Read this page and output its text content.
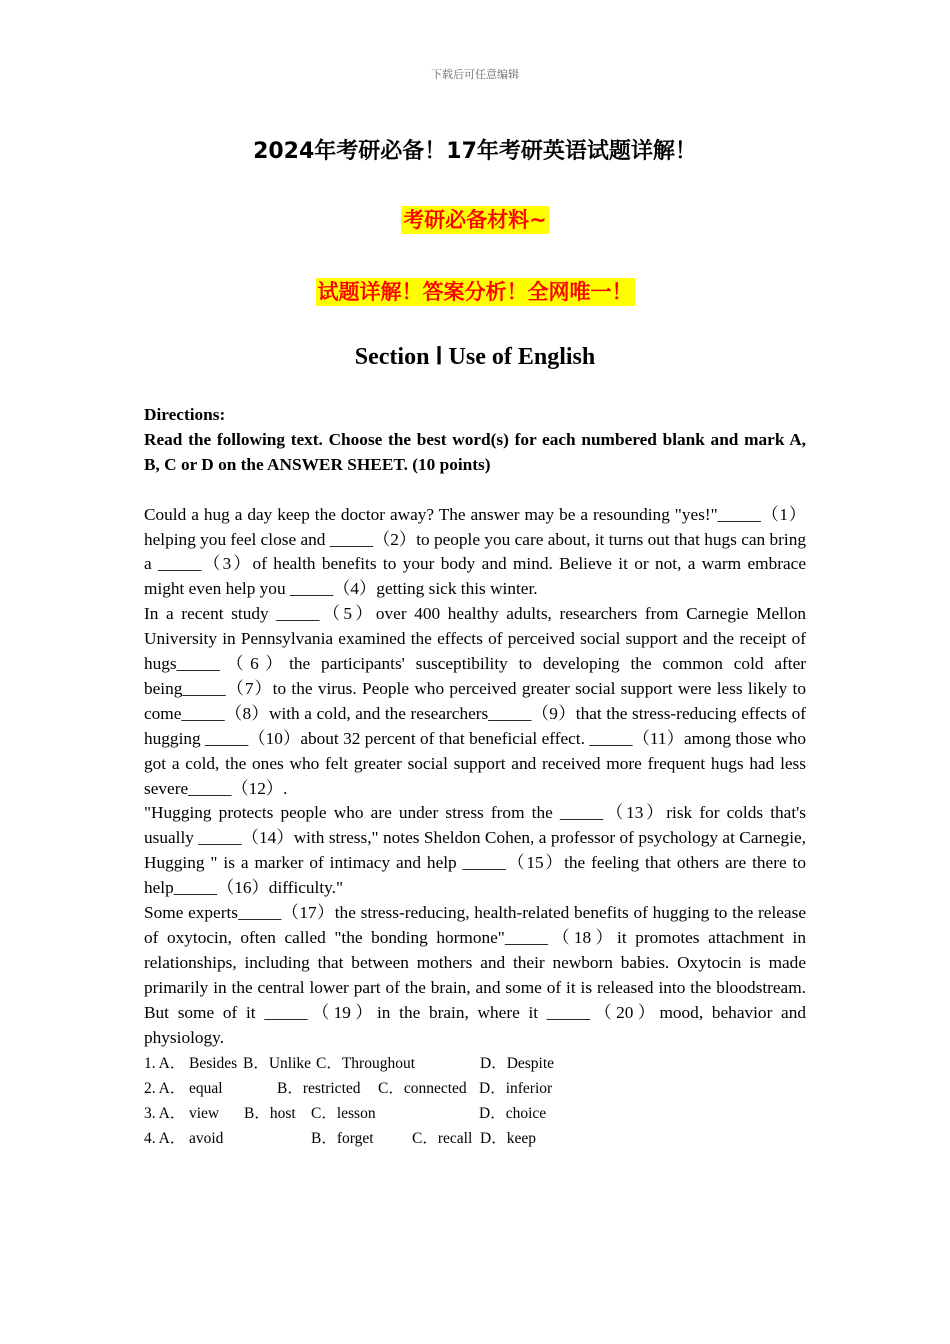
下载后可任意编辑
2024年考研必备！17年考研英语试题详解！
考研必备材料~
试题详解！答案分析！全网唯一！
Section Ⅰ Use of English
Directions:
Read the following text. Choose the best word(s) for each numbered blank and mark A, B, C or D on the ANSWER SHEET. (10 points)
Could a hug a day keep the doctor away? The answer may be a resounding "yes!"_____（1）helping you feel close and _____（2）to people you care about, it turns out that hugs can bring a _____（3）of health benefits to your body and mind. Believe it or not, a warm embrace might even help you _____（4）getting sick this winter.
In a recent study _____（5）over 400 healthy adults, researchers from Carnegie Mellon University in Pennsylvania examined the effects of perceived social support and the receipt of hugs_____（6）the participants' susceptibility to developing the common cold after being_____（7）to the virus. People who perceived greater social support were less likely to come_____（8）with a cold, and the researchers_____（9）that the stress-reducing effects of hugging _____（10）about 32 percent of that beneficial effect. _____（11）among those who got a cold, the ones who felt greater social support and received more frequent hugs had less severe_____（12）.
"Hugging protects people who are under stress from the _____（13）risk for colds that's usually _____（14）with stress," notes Sheldon Cohen, a professor of psychology at Carnegie, Hugging " is a marker of intimacy and help _____（15）the feeling that others are there to help_____（16）difficulty."
Some experts_____（17）the stress-reducing, health-related benefits of hugging to the release of oxytocin, often called "the bonding hormone"_____（18）it promotes attachment in relationships, including that between mothers and their newborn babies. Oxytocin is made primarily in the central lower part of the brain, and some of it is released into the bloodstream. But some of it _____（19）in the brain, where it _____（20）mood, behavior and physiology.
1. A． Besides B．Unlike C．Throughout	D．Despite
2. A． equal	B．restricted	C．connected D．inferior
3. A． view	B．host C．lesson	D．choice
4. A． avoid	B．forget	C．recall D．keep
